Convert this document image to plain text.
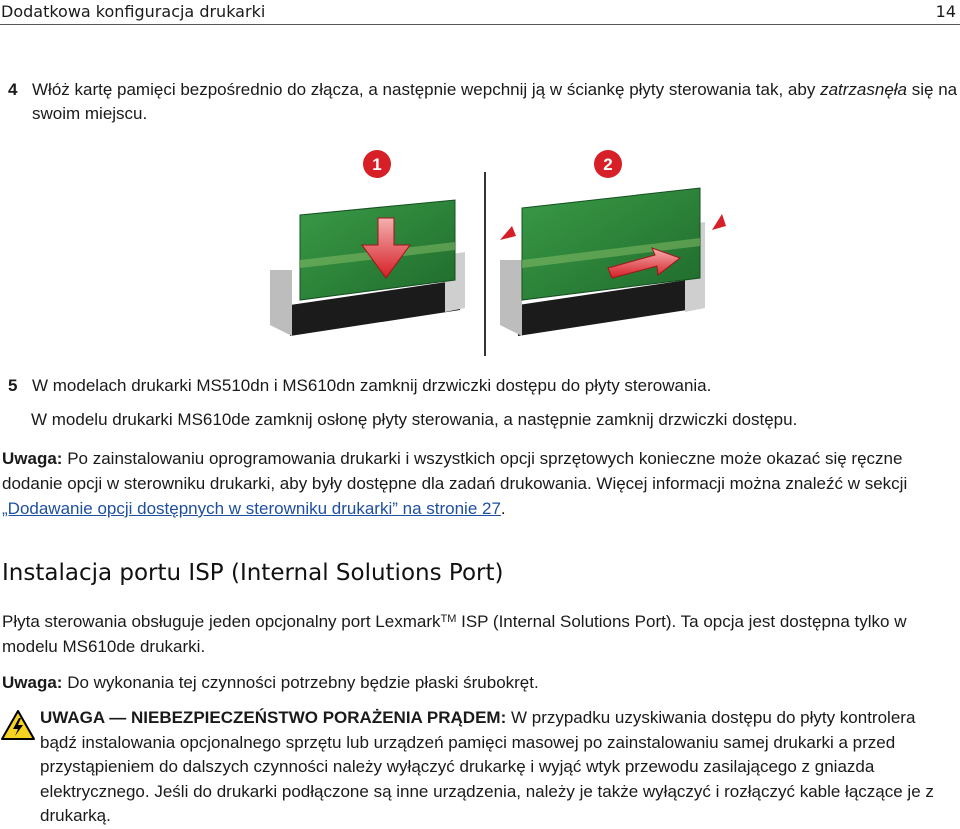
Dodatkowa konfiguracja drukarki	14
4 Włóż kartę pamięci bezpośrednio do złącza, a następnie wepchnij ją w ściankę płyty sterowania tak, aby zatrzasnęła się na swoim miejscu.
1	2
5 W modelach drukarki MS510dn i MS610dn zamknij drzwiczki dostępu do płyty sterowania.
W modelu drukarki MS610de zamknij osłonę płyty sterowania, a następnie zamknij drzwiczki dostępu.
Uwaga: Po zainstalowaniu oprogramowania drukarki i wszystkich opcji sprzętowych konieczne może okazać się ręczne dodanie opcji w sterowniku drukarki, aby były dostępne dla zadań drukowania. Więcej informacji można znaleźć w sekcji „Dodawanie opcji dostępnych w sterowniku drukarki” na stronie 27.
Instalacja portu ISP (Internal Solutions Port)
Płyta sterowania obsługuje jeden opcjonalny port Lexmark™ ISP (Internal Solutions Port). Ta opcja jest dostępna tylko w modelu MS610de drukarki.
Uwaga: Do wykonania tej czynności potrzebny będzie płaski śrubokręt.
UWAGA — NIEBEZPIECZEŃSTWO PORAŻENIA PRĄDEM: W przypadku uzyskiwania dostępu do płyty kontrolera bądź instalowania opcjonalnego sprzętu lub urządzeń pamięci masowej po zainstalowaniu samej drukarki a przed przystąpieniem do dalszych czynności należy wyłączyć drukarkę i wyjąć wtyk przewodu zasilającego z gniazda elektrycznego. Jeśli do drukarki podłączone są inne urządzenia, należy je także wyłączyć i rozłączyć kable łączące je z drukarką.
